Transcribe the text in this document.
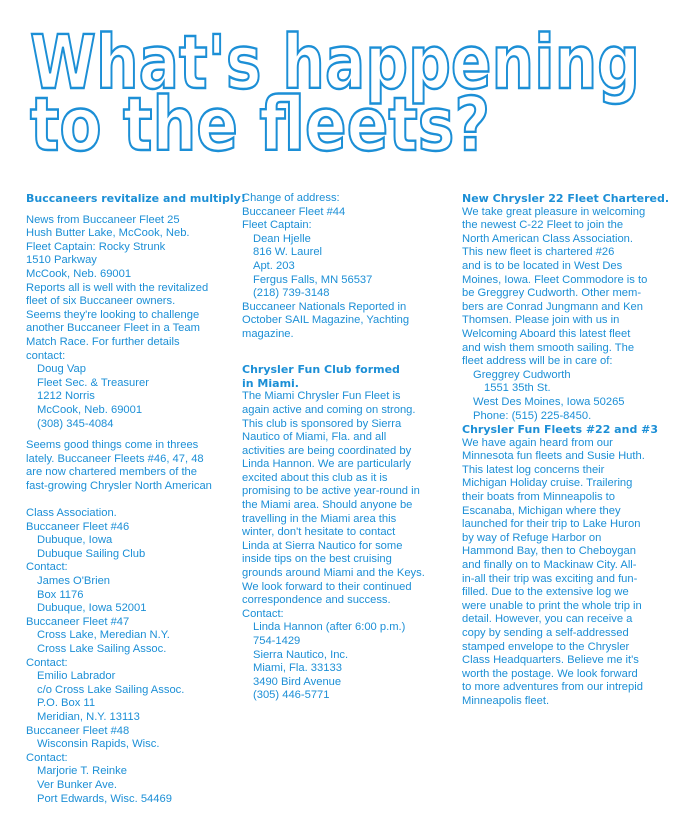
What's happening
to the fleets?
Buccaneers revitalize and multiply!
News from Buccaneer Fleet 25
Hush Butter Lake, McCook, Neb.
Fleet Captain: Rocky Strunk
1510 Parkway
McCook, Neb. 69001
Reports all is well with the revitalized
fleet of six Buccaneer owners.
Seems they're looking to challenge
another Buccaneer Fleet in a Team
Match Race. For further details
contact:
Doug Vap
Fleet Sec. & Treasurer
1212 Norris
McCook, Neb. 69001
(308) 345-4084
Seems good things come in threes
lately. Buccaneer Fleets #46, 47, 48
are now chartered members of the
fast-growing Chrysler North American
Class Association.
Buccaneer Fleet #46
Dubuque, Iowa
Dubuque Sailing Club
Contact:
James O'Brien
Box 1176
Dubuque, Iowa 52001
Buccaneer Fleet #47
Cross Lake, Meredian N.Y.
Cross Lake Sailing Assoc.
Contact:
Emilio Labrador
c/o Cross Lake Sailing Assoc.
P.O. Box 11
Meridian, N.Y. 13113
Buccaneer Fleet #48
Wisconsin Rapids, Wisc.
Contact:
Marjorie T. Reinke
Ver Bunker Ave.
Port Edwards, Wisc. 54469
Change of address:
Buccaneer Fleet #44
Fleet Captain:
Dean Hjelle
816 W. Laurel
Apt. 203
Fergus Falls, MN 56537
(218) 739-3148
Buccaneer Nationals Reported in
October SAIL Magazine, Yachting
magazine.
Chrysler Fun Club formed
in Miami.
The Miami Chrysler Fun Fleet is
again active and coming on strong.
This club is sponsored by Sierra
Nautico of Miami, Fla. and all
activities are being coordinated by
Linda Hannon. We are particularly
excited about this club as it is
promising to be active year-round in
the Miami area. Should anyone be
travelling in the Miami area this
winter, don't hesitate to contact
Linda at Sierra Nautico for some
inside tips on the best cruising
grounds around Miami and the Keys.
We look forward to their continued
correspondence and success.
Contact:
Linda Hannon (after 6:00 p.m.)
754-1429
Sierra Nautico, Inc.
Miami, Fla. 33133
3490 Bird Avenue
(305) 446-5771
New Chrysler 22 Fleet Chartered.
We take great pleasure in welcoming
the newest C-22 Fleet to join the
North American Class Association.
This new fleet is chartered #26
and is to be located in West Des
Moines, Iowa. Fleet Commodore is to
be Greggrey Cudworth. Other mem-
bers are Conrad Jungmann and Ken
Thomsen. Please join with us in
Welcoming Aboard this latest fleet
and wish them smooth sailing. The
fleet address will be in care of:
Greggrey Cudworth
1551 35th St.
West Des Moines, Iowa 50265
Phone: (515) 225-8450.
Chrysler Fun Fleets #22 and #3
We have again heard from our
Minnesota fun fleets and Susie Huth.
This latest log concerns their
Michigan Holiday cruise. Trailering
their boats from Minneapolis to
Escanaba, Michigan where they
launched for their trip to Lake Huron
by way of Refuge Harbor on
Hammond Bay, then to Cheboygan
and finally on to Mackinaw City. All-
in-all their trip was exciting and fun-
filled. Due to the extensive log we
were unable to print the whole trip in
detail. However, you can receive a
copy by sending a self-addressed
stamped envelope to the Chrysler
Class Headquarters. Believe me it's
worth the postage. We look forward
to more adventures from our intrepid
Minneapolis fleet.
